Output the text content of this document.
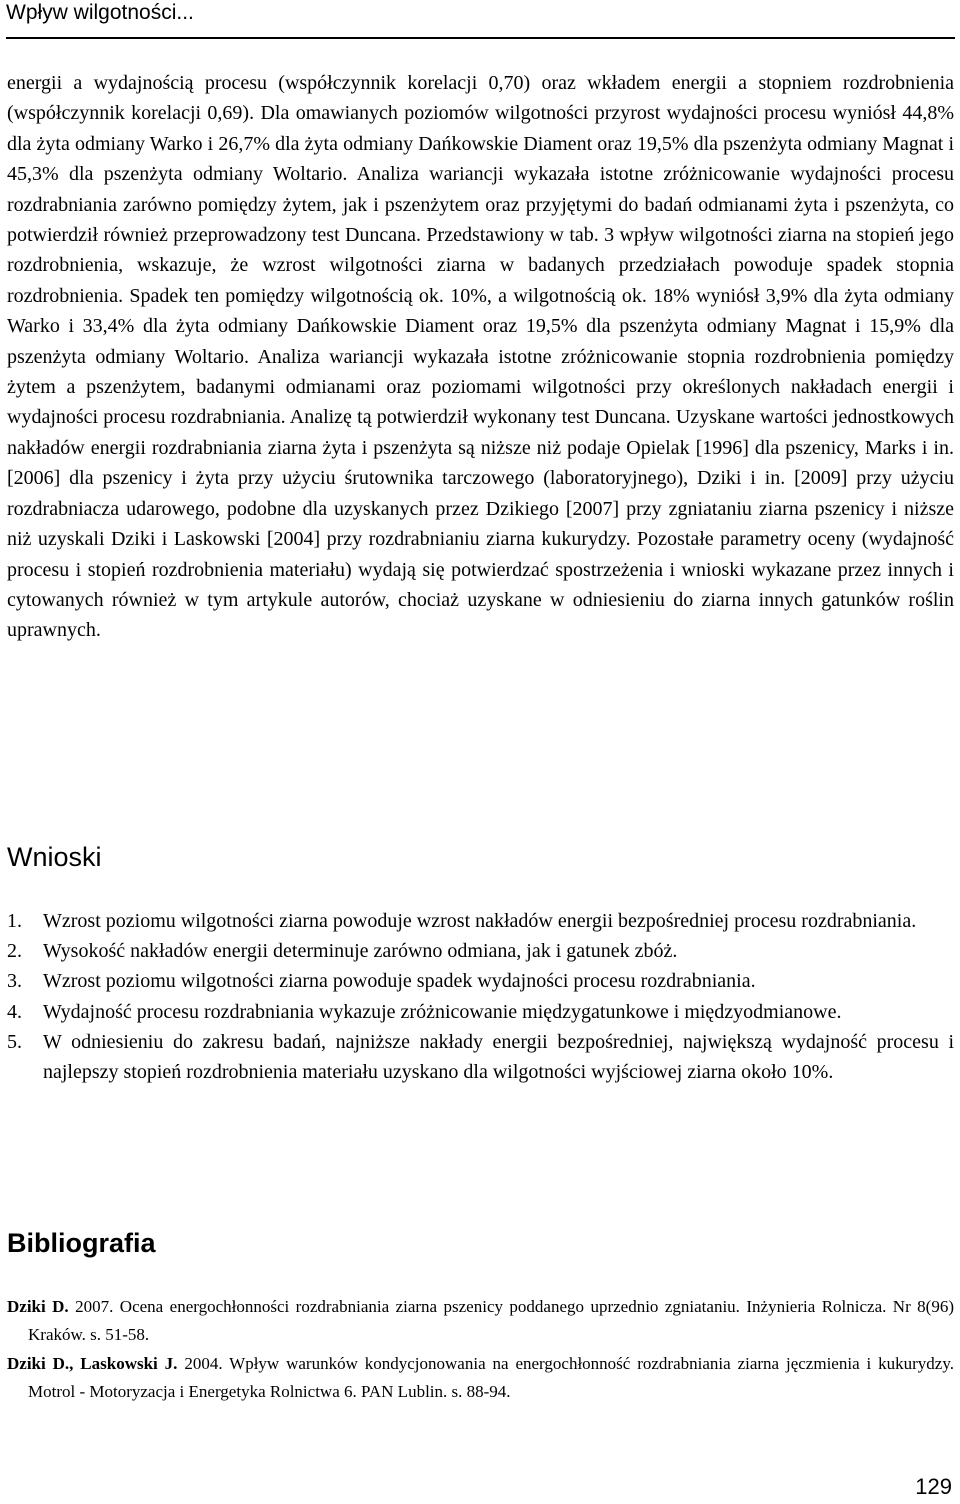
Wpływ wilgotności...

energii a wydajnością procesu (współczynnik korelacji 0,70) oraz wkładem energii a stopniem rozdrobnienia (współczynnik korelacji 0,69). Dla omawianych poziomów wilgotności przyrost wydajności procesu wyniósł 44,8% dla żyta odmiany Warko i 26,7% dla żyta odmiany Dańkowskie Diament oraz 19,5% dla pszenżyta odmiany Magnat i 45,3% dla pszenżyta odmiany Woltario. Analiza wariancji wykazała istotne zróżnicowanie wydajności procesu rozdrabniania zarówno pomiędzy żytem, jak i pszenżytem oraz przyjętymi do badań odmianami żyta i pszenżyta, co potwierdził również przeprowadzony test Duncana. Przedstawiony w tab. 3 wpływ wilgotności ziarna na stopień jego rozdrobnienia, wskazuje, że wzrost wilgotności ziarna w badanych przedziałach powoduje spadek stopnia rozdrobnienia. Spadek ten pomiędzy wilgotnością ok. 10%, a wilgotnością ok. 18% wyniósł 3,9% dla żyta odmiany Warko i 33,4% dla żyta odmiany Dańkowskie Diament oraz 19,5% dla pszenżyta odmiany Magnat i 15,9% dla pszenżyta odmiany Woltario. Analiza wariancji wykazała istotne zróżnicowanie stopnia rozdrobnienia pomiędzy żytem a pszenżytem, badanymi odmianami oraz poziomami wilgotności przy określonych nakładach energii i wydajności procesu rozdrabniania. Analizę tą potwierdził wykonany test Duncana. Uzyskane wartości jednostkowych nakładów energii rozdrabniania ziarna żyta i pszenżyta są niższe niż podaje Opielak [1996] dla pszenicy, Marks i in. [2006] dla pszenicy i żyta przy użyciu śrutownika tarczowego (laboratoryjnego), Dziki i in. [2009] przy użyciu rozdrabniacza udarowego, podobne dla uzyskanych przez Dzikiego [2007] przy zgniataniu ziarna pszenicy i niższe niż uzyskali Dziki i Laskowski [2004] przy rozdrabnianiu ziarna kukurydzy. Pozostałe parametry oceny (wydajność procesu i stopień rozdrobnienia materiału) wydają się potwierdzać spostrzeżenia i wnioski wykazane przez innych i cytowanych również w tym artykule autorów, chociaż uzyskane w odniesieniu do ziarna innych gatunków roślin uprawnych.

Wnioski
1.	Wzrost poziomu wilgotności ziarna powoduje wzrost nakładów energii bezpośredniej procesu rozdrabniania.
2.	Wysokość nakładów energii determinuje zarówno odmiana, jak i gatunek zbóż.
3.	Wzrost poziomu wilgotności ziarna powoduje spadek wydajności procesu rozdrabniania.
4.	Wydajność procesu rozdrabniania wykazuje zróżnicowanie międzygatunkowe i międzyodmianowe.
5.	W odniesieniu do zakresu badań, najniższe nakłady energii bezpośredniej, największą wydajność procesu i najlepszy stopień rozdrobnienia materiału uzyskano dla wilgotności wyjściowej ziarna około 10%.
Bibliografia

Dziki D. 2007. Ocena energochłonności rozdrabniania ziarna pszenicy poddanego uprzednio zgniataniu. Inżynieria Rolnicza. Nr 8(96) Kraków. s. 51-58.

Dziki D., Laskowski J. 2004. Wpływ warunków kondycjonowania na energochłonność rozdrabniania ziarna jęczmienia i kukurydzy. Motrol - Motoryzacja i Energetyka Rolnictwa 6. PAN Lublin. s. 88-94.

129
